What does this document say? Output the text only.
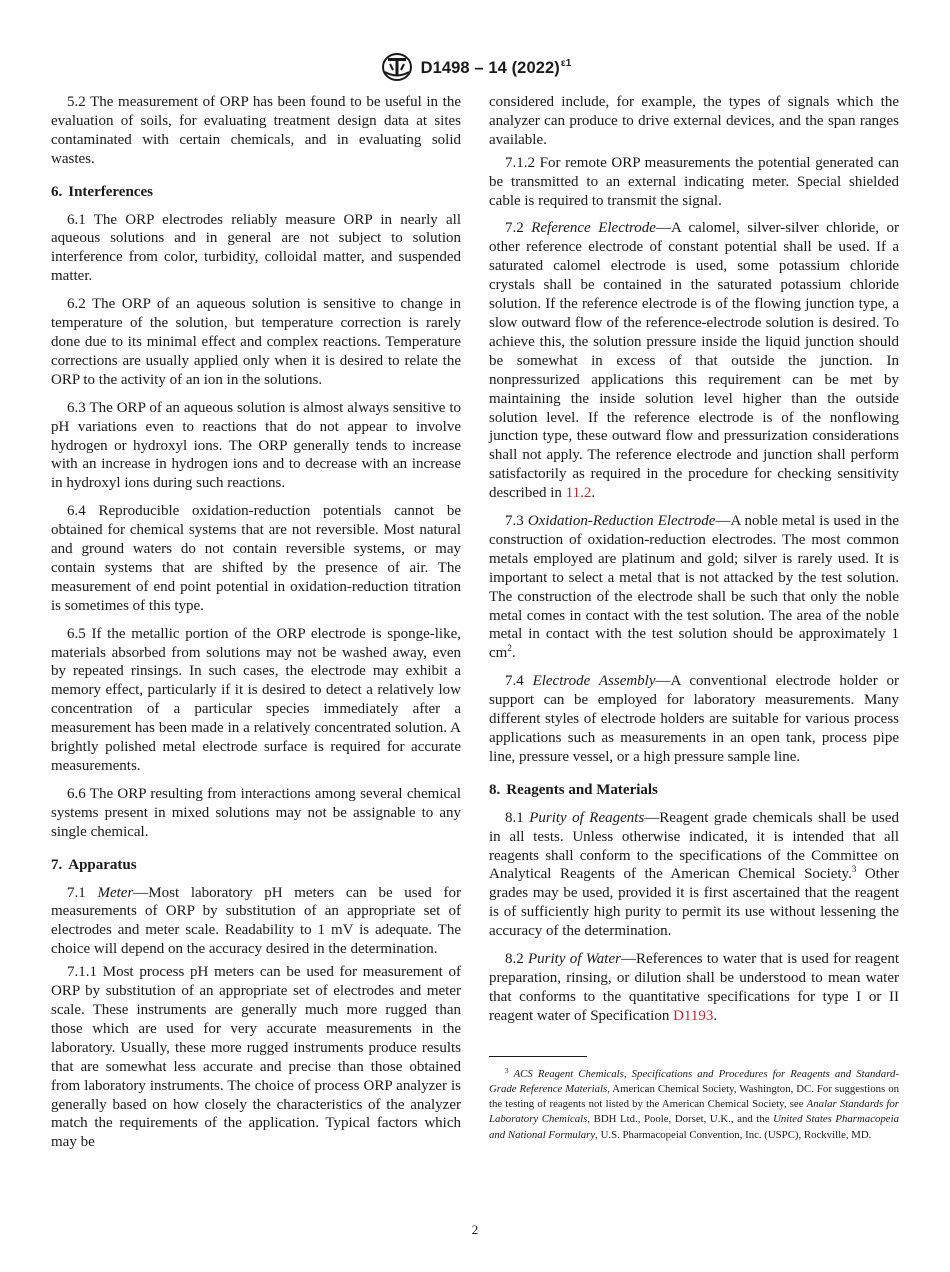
D1498 – 14 $(2022)^{\varepsilon 1}$

5.2 The measurement of ORP has been found to be useful in the evaluation of soils, for evaluating treatment design data at sites contaminated with certain chemicals, and in evaluating solid wastes.

6. Interferences

6.1 The ORP electrodes reliably measure ORP in nearly all aqueous solutions and in general are not subject to solution interference from color, turbidity, colloidal matter, and suspended matter.

6.2 The ORP of an aqueous solution is sensitive to change in temperature of the solution, but temperature correction is rarely done due to its minimal effect and complex reactions. Temperature corrections are usually applied only when it is desired to relate the ORP to the activity of an ion in the solutions.

6.3 The ORP of an aqueous solution is almost always sensitive to pH variations even to reactions that do not appear to involve hydrogen or hydroxyl ions. The ORP generally tends to increase with an increase in hydrogen ions and to decrease with an increase in hydroxyl ions during such reactions.

6.4 Reproducible oxidation-reduction potentials cannot be obtained for chemical systems that are not reversible. Most natural and ground waters do not contain reversible systems, or may contain systems that are shifted by the presence of air. The measurement of end point potential in oxidation-reduction titration is sometimes of this type.

6.5 If the metallic portion of the ORP electrode is sponge-like, materials absorbed from solutions may not be washed away, even by repeated rinsings. In such cases, the electrode may exhibit a memory effect, particularly if it is desired to detect a relatively low concentration of a particular species immediately after a measurement has been made in a relatively concentrated solution. A brightly polished metal electrode surface is required for accurate measurements.

6.6 The ORP resulting from interactions among several chemical systems present in mixed solutions may not be assignable to any single chemical.

7. Apparatus

7.1 Meter—Most laboratory pH meters can be used for measurements of ORP by substitution of an appropriate set of electrodes and meter scale. Readability to 1 mV is adequate. The choice will depend on the accuracy desired in the determination.

7.1.1 Most process pH meters can be used for measurement of ORP by substitution of an appropriate set of electrodes and meter scale. These instruments are generally much more rugged than those which are used for very accurate measurements in the laboratory. Usually, these more rugged instruments produce results that are somewhat less accurate and precise than those obtained from laboratory instruments. The choice of process ORP analyzer is generally based on how closely the characteristics of the analyzer match the requirements of the application. Typical factors which may be

considered include, for example, the types of signals which the analyzer can produce to drive external devices, and the span ranges available.

7.1.2 For remote ORP measurements the potential generated can be transmitted to an external indicating meter. Special shielded cable is required to transmit the signal.

7.2 Reference Electrode—A calomel, silver-silver chloride, or other reference electrode of constant potential shall be used. If a saturated calomel electrode is used, some potassium chloride crystals shall be contained in the saturated potassium chloride solution. If the reference electrode is of the flowing junction type, a slow outward flow of the reference-electrode solution is desired. To achieve this, the solution pressure inside the liquid junction should be somewhat in excess of that outside the junction. In nonpressurized applications this requirement can be met by maintaining the inside solution level higher than the outside solution level. If the reference electrode is of the nonflowing junction type, these outward flow and pressurization considerations shall not apply. The reference electrode and junction shall perform satisfactorily as required in the procedure for checking sensitivity described in 11.2.

7.3 Oxidation-Reduction Electrode—A noble metal is used in the construction of oxidation-reduction electrodes. The most common metals employed are platinum and gold; silver is rarely used. It is important to select a metal that is not attacked by the test solution. The construction of the electrode shall be such that only the noble metal comes in contact with the test solution. The area of the noble metal in contact with the test solution should be approximately 1 cm$^2$.

7.4 Electrode Assembly—A conventional electrode holder or support can be employed for laboratory measurements. Many different styles of electrode holders are suitable for various process applications such as measurements in an open tank, process pipe line, pressure vessel, or a high pressure sample line.

8. Reagents and Materials

8.1 Purity of Reagents—Reagent grade chemicals shall be used in all tests. Unless otherwise indicated, it is intended that all reagents shall conform to the specifications of the Committee on Analytical Reagents of the American Chemical Society.$^3$ Other grades may be used, provided it is first ascertained that the reagent is of sufficiently high purity to permit its use without lessening the accuracy of the determination.

8.2 Purity of Water—References to water that is used for reagent preparation, rinsing, or dilution shall be understood to mean water that conforms to the quantitative specifications for type I or II reagent water of Specification D1193.

$^3$ ACS Reagent Chemicals, Specifications and Procedures for Reagents and Standard-Grade Reference Materials, American Chemical Society, Washington, DC. For suggestions on the testing of reagents not listed by the American Chemical Society, see Analar Standards for Laboratory Chemicals, BDH Ltd., Poole, Dorset, U.K., and the United States Pharmacopeia and National Formulary, U.S. Pharmacopeial Convention, Inc. (USPC), Rockville, MD.

2
